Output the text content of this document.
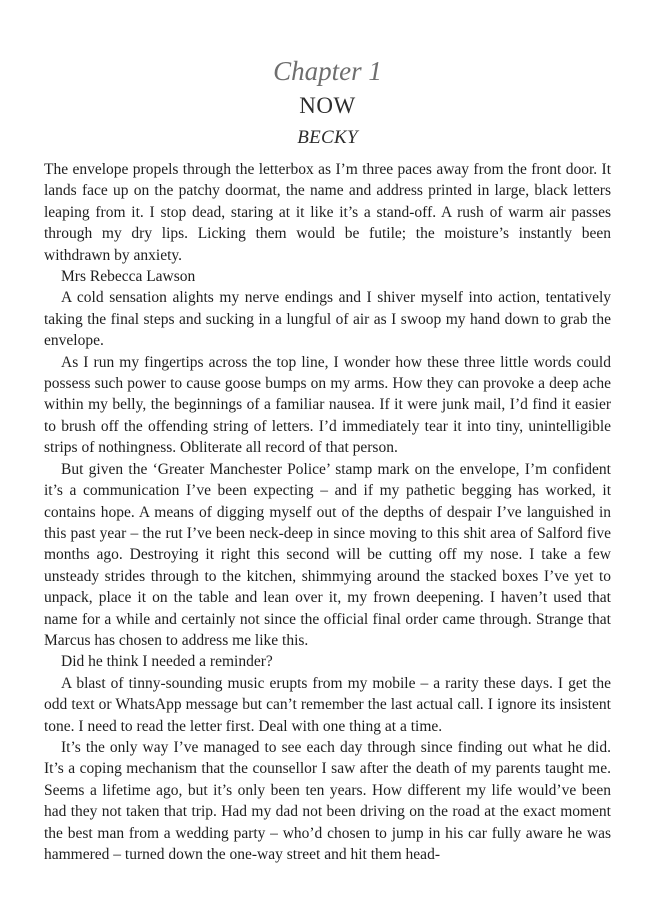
Chapter 1
NOW
BECKY

The envelope propels through the letterbox as I’m three paces away from the front door. It lands face up on the patchy doormat, the name and address printed in large, black letters leaping from it. I stop dead, staring at it like it’s a stand-off. A rush of warm air passes through my dry lips. Licking them would be futile; the moisture’s instantly been withdrawn by anxiety.

Mrs Rebecca Lawson

A cold sensation alights my nerve endings and I shiver myself into action, tentatively taking the final steps and sucking in a lungful of air as I swoop my hand down to grab the envelope.

As I run my fingertips across the top line, I wonder how these three little words could possess such power to cause goose bumps on my arms. How they can provoke a deep ache within my belly, the beginnings of a familiar nausea. If it were junk mail, I’d find it easier to brush off the offending string of letters. I’d immediately tear it into tiny, unintelligible strips of nothingness. Obliterate all record of that person.

But given the ‘Greater Manchester Police’ stamp mark on the envelope, I’m confident it’s a communication I’ve been expecting – and if my pathetic begging has worked, it contains hope. A means of digging myself out of the depths of despair I’ve languished in this past year – the rut I’ve been neck-deep in since moving to this shit area of Salford five months ago. Destroying it right this second will be cutting off my nose. I take a few unsteady strides through to the kitchen, shimmying around the stacked boxes I’ve yet to unpack, place it on the table and lean over it, my frown deepening. I haven’t used that name for a while and certainly not since the official final order came through. Strange that Marcus has chosen to address me like this.

Did he think I needed a reminder?

A blast of tinny-sounding music erupts from my mobile – a rarity these days. I get the odd text or WhatsApp message but can’t remember the last actual call. I ignore its insistent tone. I need to read the letter first. Deal with one thing at a time.

It’s the only way I’ve managed to see each day through since finding out what he did. It’s a coping mechanism that the counsellor I saw after the death of my parents taught me. Seems a lifetime ago, but it’s only been ten years. How different my life would’ve been had they not taken that trip. Had my dad not been driving on the road at the exact moment the best man from a wedding party – who’d chosen to jump in his car fully aware he was hammered – turned down the one-way street and hit them head-
